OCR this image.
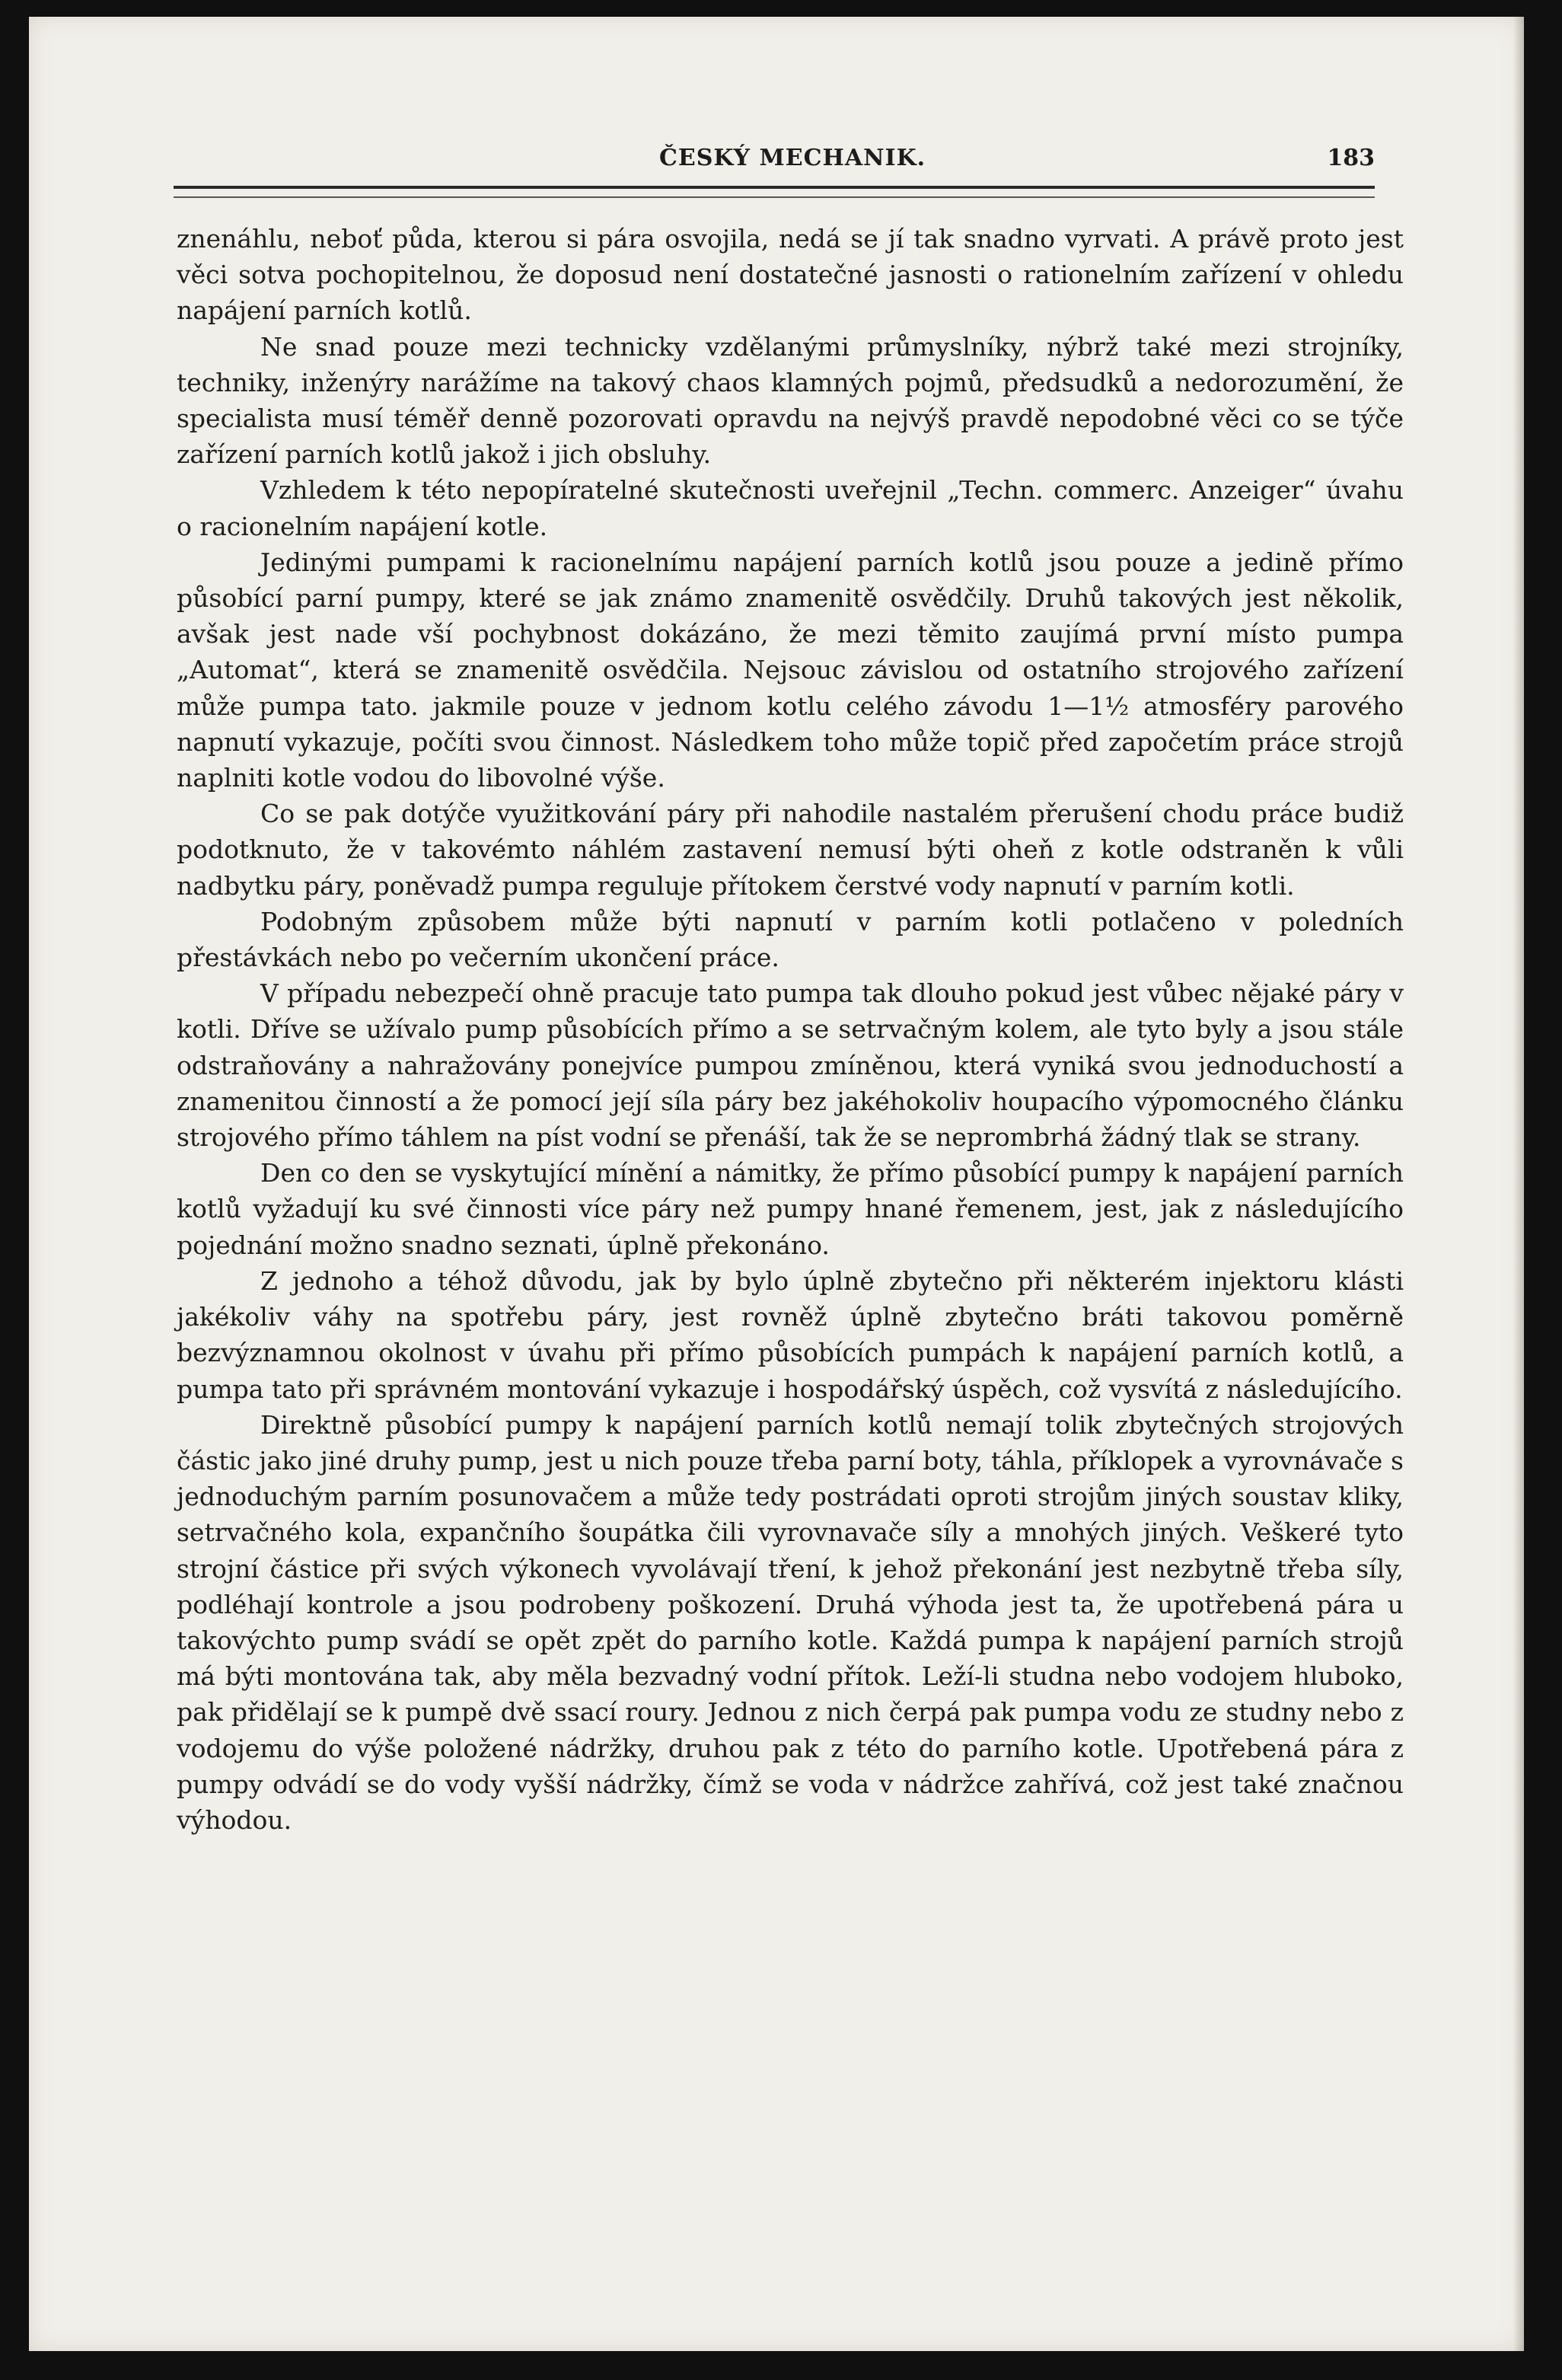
ČESKÝ MECHANIK.	183

znenáhlu, neboť půda, kterou si pára osvojila, nedá se jí tak snadno vyrvati. A právě proto jest věci sotva pochopitelnou, že doposud není dostatečné jasnosti o rationelním zařízení v ohledu napájení parních kotlů.

Ne snad pouze mezi technicky vzdělanými průmyslníky, nýbrž také mezi strojníky, techniky, inženýry narážíme na takový chaos klamných pojmů, předsudků a nedorozumění, že specialista musí téměř denně pozorovati opravdu na nejvýš pravdě nepodobné věci co se týče zařízení parních kotlů jakož i jich obsluhy.

Vzhledem k této nepopíratelné skutečnosti uveřejnil „Techn. commerc. Anzeiger“ úvahu o racionelním napájení kotle.

Jedinými pumpami k racionelnímu napájení parních kotlů jsou pouze a jedině přímo působící parní pumpy, které se jak známo znamenitě osvědčily. Druhů takových jest několik, avšak jest nade vší pochybnost dokázáno, že mezi těmito zaujímá první místo pumpa „Automat“, která se znamenitě osvědčila. Nejsouc závislou od ostatního strojového zařízení může pumpa tato. jakmile pouze v jednom kotlu celého závodu 1—1½ atmosféry parového napnutí vykazuje, počíti svou činnost. Následkem toho může topič před započetím práce strojů naplniti kotle vodou do libovolné výše.

Co se pak dotýče využitkování páry při nahodile nastalém přerušení chodu práce budiž podotknuto, že v takovémto náhlém zastavení nemusí býti oheň z kotle odstraněn k vůli nadbytku páry, poněvadž pumpa reguluje přítokem čerstvé vody napnutí v parním kotli.

Podobným způsobem může býti napnutí v parním kotli potlačeno v poledních přestávkách nebo po večerním ukončení práce.

V případu nebezpečí ohně pracuje tato pumpa tak dlouho pokud jest vůbec nějaké páry v kotli. Dříve se užívalo pump působících přímo a se setrvačným kolem, ale tyto byly a jsou stále odstraňovány a nahražovány ponejvíce pumpou zmíněnou, která vyniká svou jednoduchostí a znamenitou činností a že pomocí její síla páry bez jakéhokoliv houpacího výpomocného článku strojového přímo táhlem na píst vodní se přenáší, tak že se neprombrhá žádný tlak se strany.

Den co den se vyskytující mínění a námitky, že přímo působící pumpy k napájení parních kotlů vyžadují ku své činnosti více páry než pumpy hnané řemenem, jest, jak z následujícího pojednání možno snadno seznati, úplně překonáno.

Z jednoho a téhož důvodu, jak by bylo úplně zbytečno při některém injektoru klásti jakékoliv váhy na spotřebu páry, jest rovněž úplně zbytečno bráti takovou poměrně bezvýznamnou okolnost v úvahu při přímo působících pumpách k napájení parních kotlů, a pumpa tato při správném montování vykazuje i hospodářský úspěch, což vysvítá z následujícího.

Direktně působící pumpy k napájení parních kotlů nemají tolik zbytečných strojových částic jako jiné druhy pump, jest u nich pouze třeba parní boty, táhla, příklopek a vyrovnávače s jednoduchým parním posunovačem a může tedy postrádati oproti strojům jiných soustav kliky, setrvačného kola, expančního šoupátka čili vyrovnavače síly a mnohých jiných. Veškeré tyto strojní částice při svých výkonech vyvolávají tření, k jehož překonání jest nezbytně třeba síly, podléhají kontrole a jsou podrobeny poškození. Druhá výhoda jest ta, že upotřebená pára u takovýchto pump svádí se opět zpět do parního kotle. Každá pumpa k napájení parních strojů má býti montována tak, aby měla bezvadný vodní přítok. Leží-li studna nebo vodojem hluboko, pak přidělají se k pumpě dvě ssací roury. Jednou z nich čerpá pak pumpa vodu ze studny nebo z vodojemu do výše položené nádržky, druhou pak z této do parního kotle. Upotřebená pára z pumpy odvádí se do vody vyšší nádržky, čímž se voda v nádržce zahřívá, což jest také značnou výhodou.
